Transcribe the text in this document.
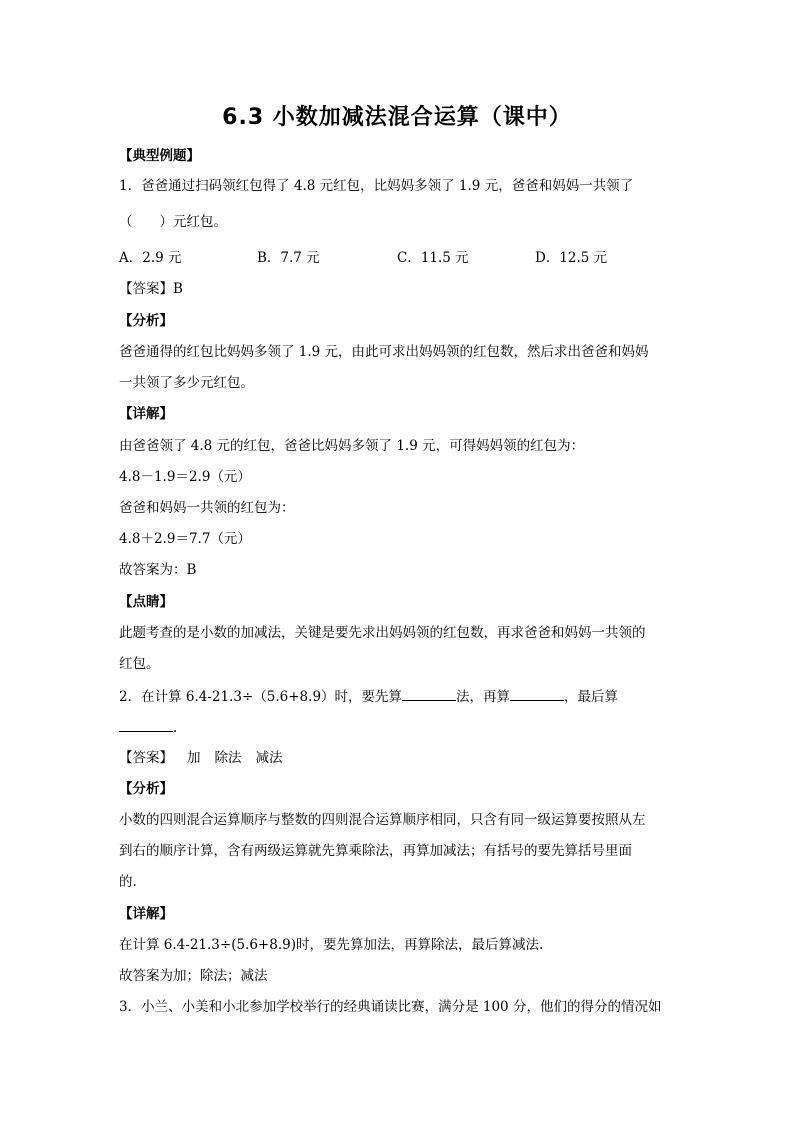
6.3 小数加减法混合运算（课中）
【典型例题】
1．爸爸通过扫码领红包得了 4.8 元红包，比妈妈多领了 1.9 元，爸爸和妈妈一共领了
（　　）元红包。
A．2.9 元	B．7.7 元	C．11.5 元	D．12.5 元
【答案】B
【分析】
爸爸通得的红包比妈妈多领了 1.9 元，由此可求出妈妈领的红包数，然后求出爸爸和妈妈
一共领了多少元红包。
【详解】
由爸爸领了 4.8 元的红包，爸爸比妈妈多领了 1.9 元，可得妈妈领的红包为：
4.8－1.9＝2.9（元）
爸爸和妈妈一共领的红包为：
4.8＋2.9＝7.7（元）
故答案为：B
【点睛】
此题考查的是小数的加减法，关键是要先求出妈妈领的红包数，再求爸爸和妈妈一共领的
红包。
2．在计算 6.4-21.3÷（5.6+8.9）时，要先算	法，再算	，最后算
.
【答案】 加 除法 减法
【分析】
小数的四则混合运算顺序与整数的四则混合运算顺序相同，只含有同一级运算要按照从左
到右的顺序计算，含有两级运算就先算乘除法，再算加减法；有括号的要先算括号里面
的.
【详解】
在计算 6.4-21.3÷(5.6+8.9)时，要先算加法，再算除法，最后算减法.
故答案为加；除法；减法
3．小兰、小美和小北参加学校举行的经典诵读比赛，满分是 100 分，他们的得分的情况如
